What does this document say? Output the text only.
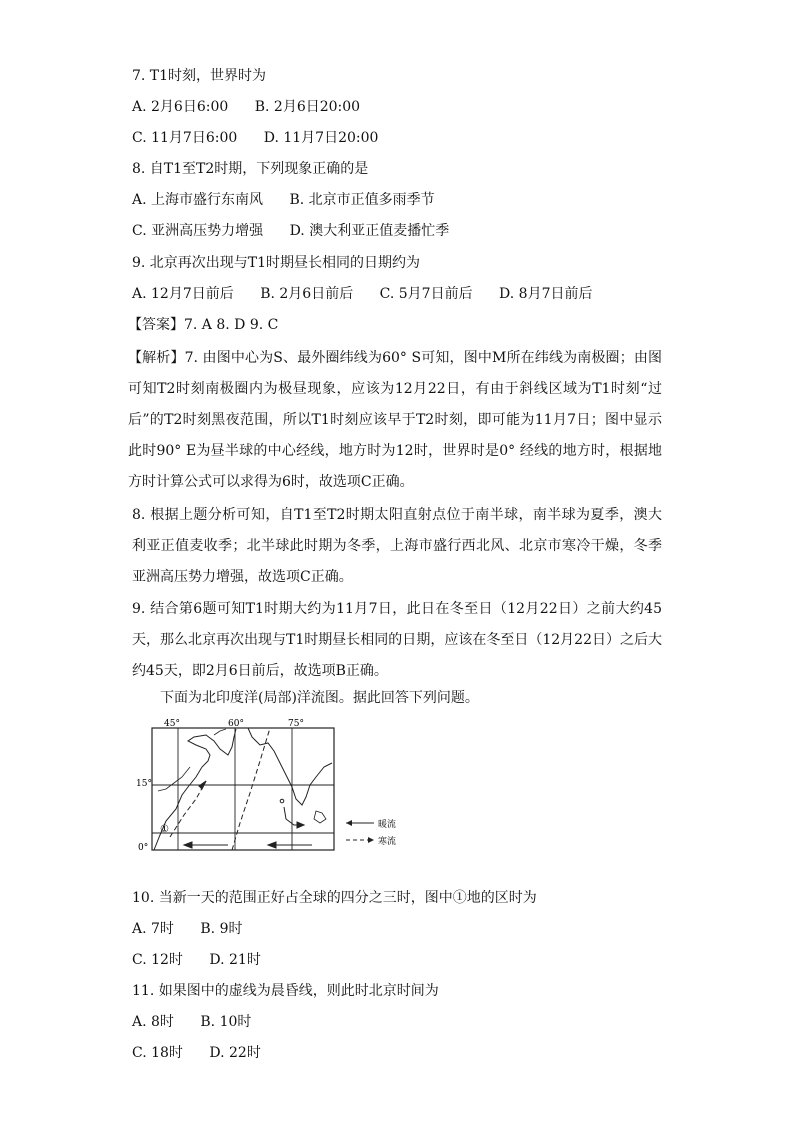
7. T1时刻，世界时为
A. 2月6日6:00 B. 2月6日20:00
C. 11月7日6:00 D. 11月7日20:00
8. 自T1至T2时期，下列现象正确的是
A. 上海市盛行东南风 B. 北京市正值多雨季节
C. 亚洲高压势力增强 D. 澳大利亚正值麦播忙季
9. 北京再次出现与T1时期昼长相同的日期约为
A. 12月7日前后 B. 2月6日前后 C. 5月7日前后 D. 8月7日前后
【答案】7. A 8. D 9. C
【解析】7. 由图中心为S、最外圈纬线为60° S可知，图中M所在纬线为南极圈；由图可知T2时刻南极圈内为极昼现象，应该为12月22日，有由于斜线区域为T1时刻“过后”的T2时刻黑夜范围，所以T1时刻应该早于T2时刻，即可能为11月7日；图中显示此时90° E为昼半球的中心经线，地方时为12时，世界时是0° 经线的地方时，根据地方时计算公式可以求得为6时，故选项C正确。
8. 根据上题分析可知，自T1至T2时期太阳直射点位于南半球，南半球为夏季，澳大利亚正值麦收季；北半球此时期为冬季，上海市盛行西北风、北京市寒冷干燥，冬季亚洲高压势力增强，故选项C正确。
9. 结合第6题可知T1时期大约为11月7日，此日在冬至日（12月22日）之前大约45天，那么北京再次出现与T1时期昼长相同的日期，应该在冬至日（12月22日）之后大约45天，即2月6日前后，故选项B正确。
下面为北印度洋(局部)洋流图。据此回答下列问题。
45°	60°	75°
15°
0°
①	暖流
寒流
10. 当新一天的范围正好占全球的四分之三时，图中①地的区时为
A. 7时 B. 9时
C. 12时 D. 21时
11. 如果图中的虚线为晨昏线，则此时北京时间为
A. 8时 B. 10时
C. 18时 D. 22时
